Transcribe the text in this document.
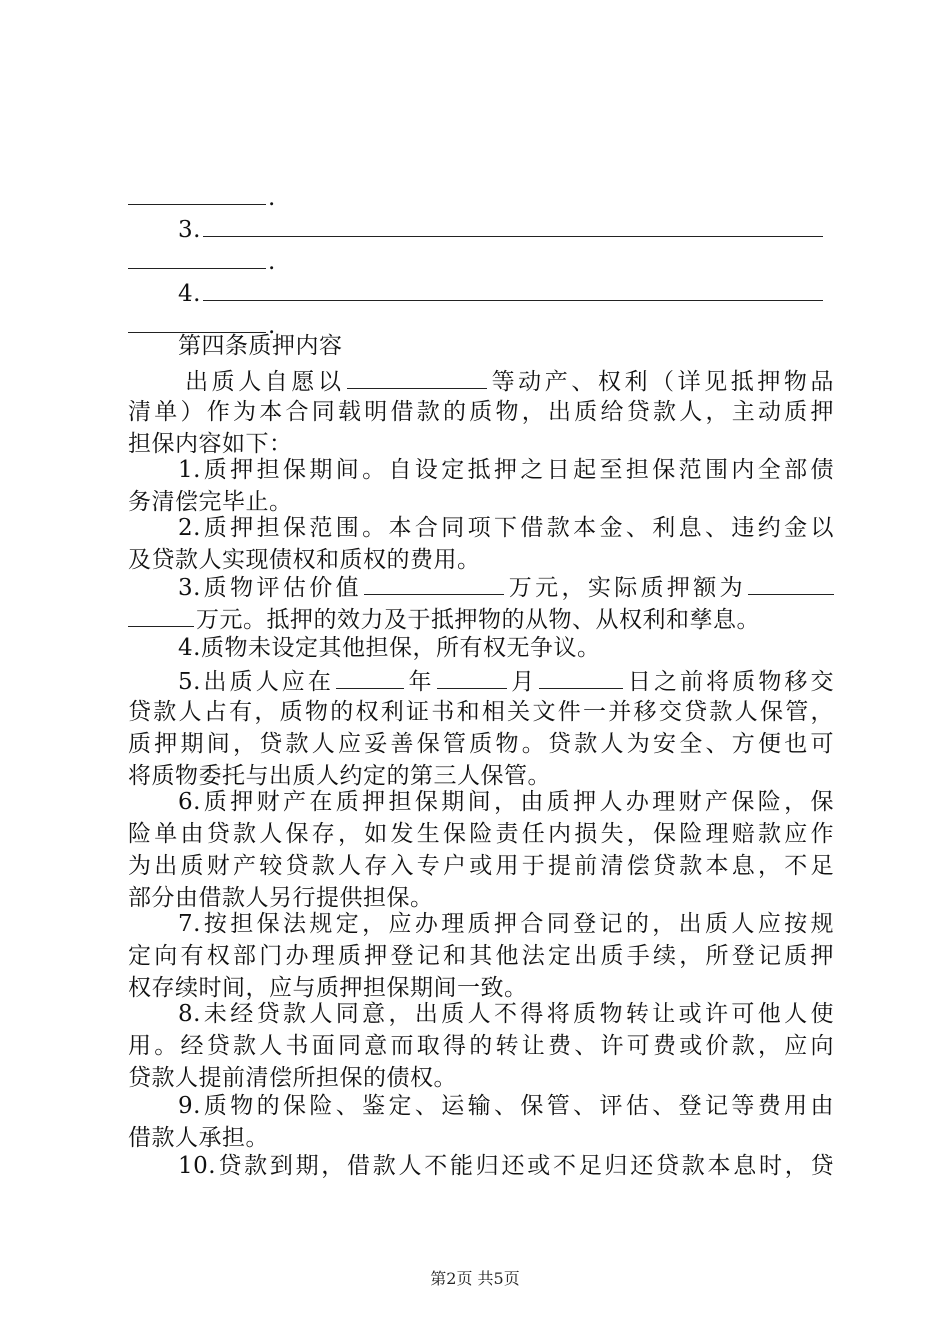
.
3.
.
4.
.
第四条质押内容
出质人自愿以	等动产、权利（详见抵押物品
清单）作为本合同载明借款的质物，出质给贷款人，主动质押
担保内容如下：
1.质押担保期间。自设定抵押之日起至担保范围内全部债
务清偿完毕止。
2.质押担保范围。本合同项下借款本金、利息、违约金以
及贷款人实现债权和质权的费用。
3.质物评估价值	万元，实际质押额为
万元。抵押的效力及于抵押物的从物、从权利和孳息。
4.质物未设定其他担保，所有权无争议。
5.出质人应在	年	月	日之前将质物移交
贷款人占有，质物的权利证书和相关文件一并移交贷款人保管，
质押期间，贷款人应妥善保管质物。贷款人为安全、方便也可
将质物委托与出质人约定的第三人保管。
6.质押财产在质押担保期间，由质押人办理财产保险，保
险单由贷款人保存，如发生保险责任内损失，保险理赔款应作
为出质财产较贷款人存入专户或用于提前清偿贷款本息，不足
部分由借款人另行提供担保。
7.按担保法规定，应办理质押合同登记的，出质人应按规
定向有权部门办理质押登记和其他法定出质手续，所登记质押
权存续时间，应与质押担保期间一致。
8.未经贷款人同意，出质人不得将质物转让或许可他人使
用。经贷款人书面同意而取得的转让费、许可费或价款，应向
贷款人提前清偿所担保的债权。
9.质物的保险、鉴定、运输、保管、评估、登记等费用由
借款人承担。
10.贷款到期，借款人不能归还或不足归还贷款本息时，贷
第2页 共5页
